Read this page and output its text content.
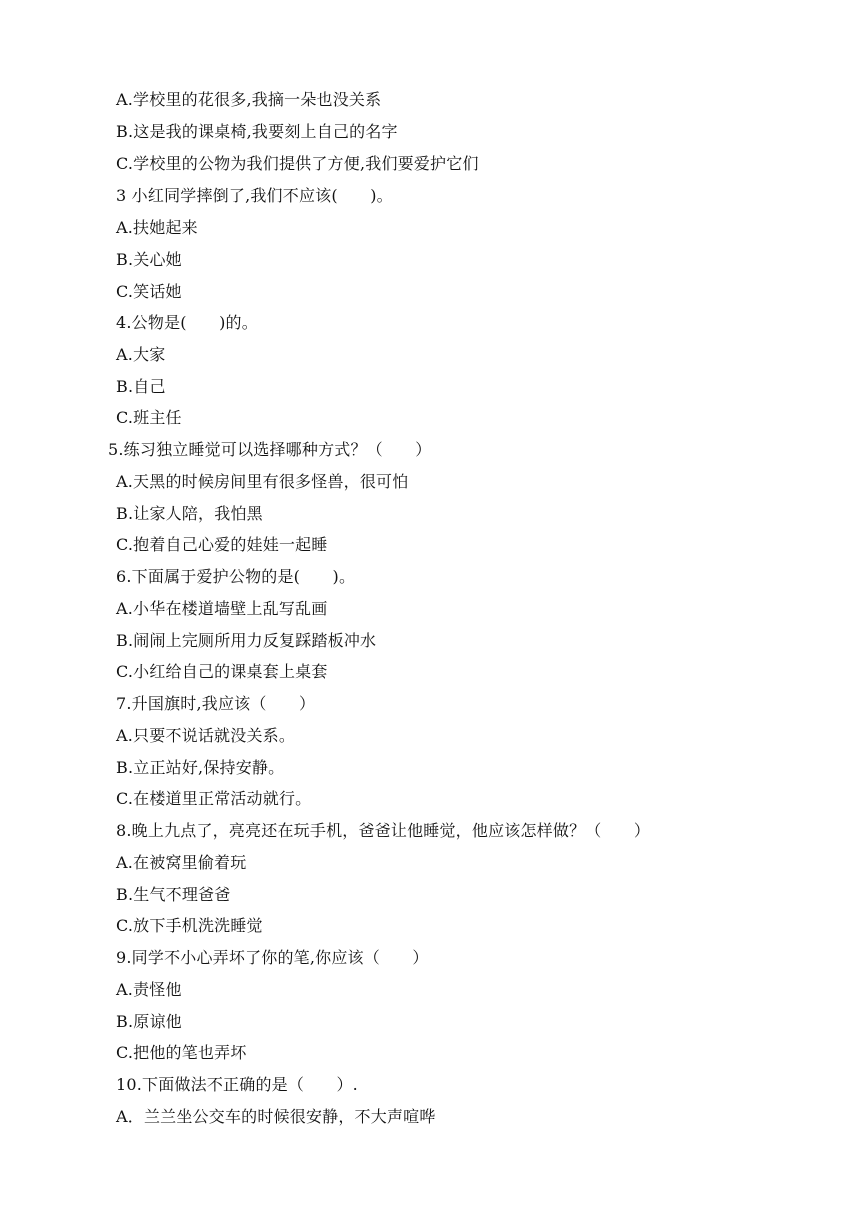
A.学校里的花很多,我摘一朵也没关系
B.这是我的课桌椅,我要刻上自己的名字
C.学校里的公物为我们提供了方便,我们要爱护它们
3 小红同学摔倒了,我们不应该(　　)。
A.扶她起来
B.关心她
C.笑话她
4.公物是(　　)的。
A.大家
B.自己
C.班主任
5.练习独立睡觉可以选择哪种方式？（　　）
A.天黑的时候房间里有很多怪兽，很可怕
B.让家人陪，我怕黑
C.抱着自己心爱的娃娃一起睡
6.下面属于爱护公物的是(　　)。
A.小华在楼道墙壁上乱写乱画
B.闹闹上完厕所用力反复踩踏板冲水
C.小红给自己的课桌套上桌套
7.升国旗时,我应该（　　）
A.只要不说话就没关系。
B.立正站好,保持安静。
C.在楼道里正常活动就行。
8.晚上九点了，亮亮还在玩手机，爸爸让他睡觉，他应该怎样做？（　　）
A.在被窝里偷着玩
B.生气不理爸爸
C.放下手机洗洗睡觉
9.同学不小心弄坏了你的笔,你应该（　　）
A.责怪他
B.原谅他
C.把他的笔也弄坏
10.下面做法不正确的是（　　）.
A．兰兰坐公交车的时候很安静，不大声喧哗
